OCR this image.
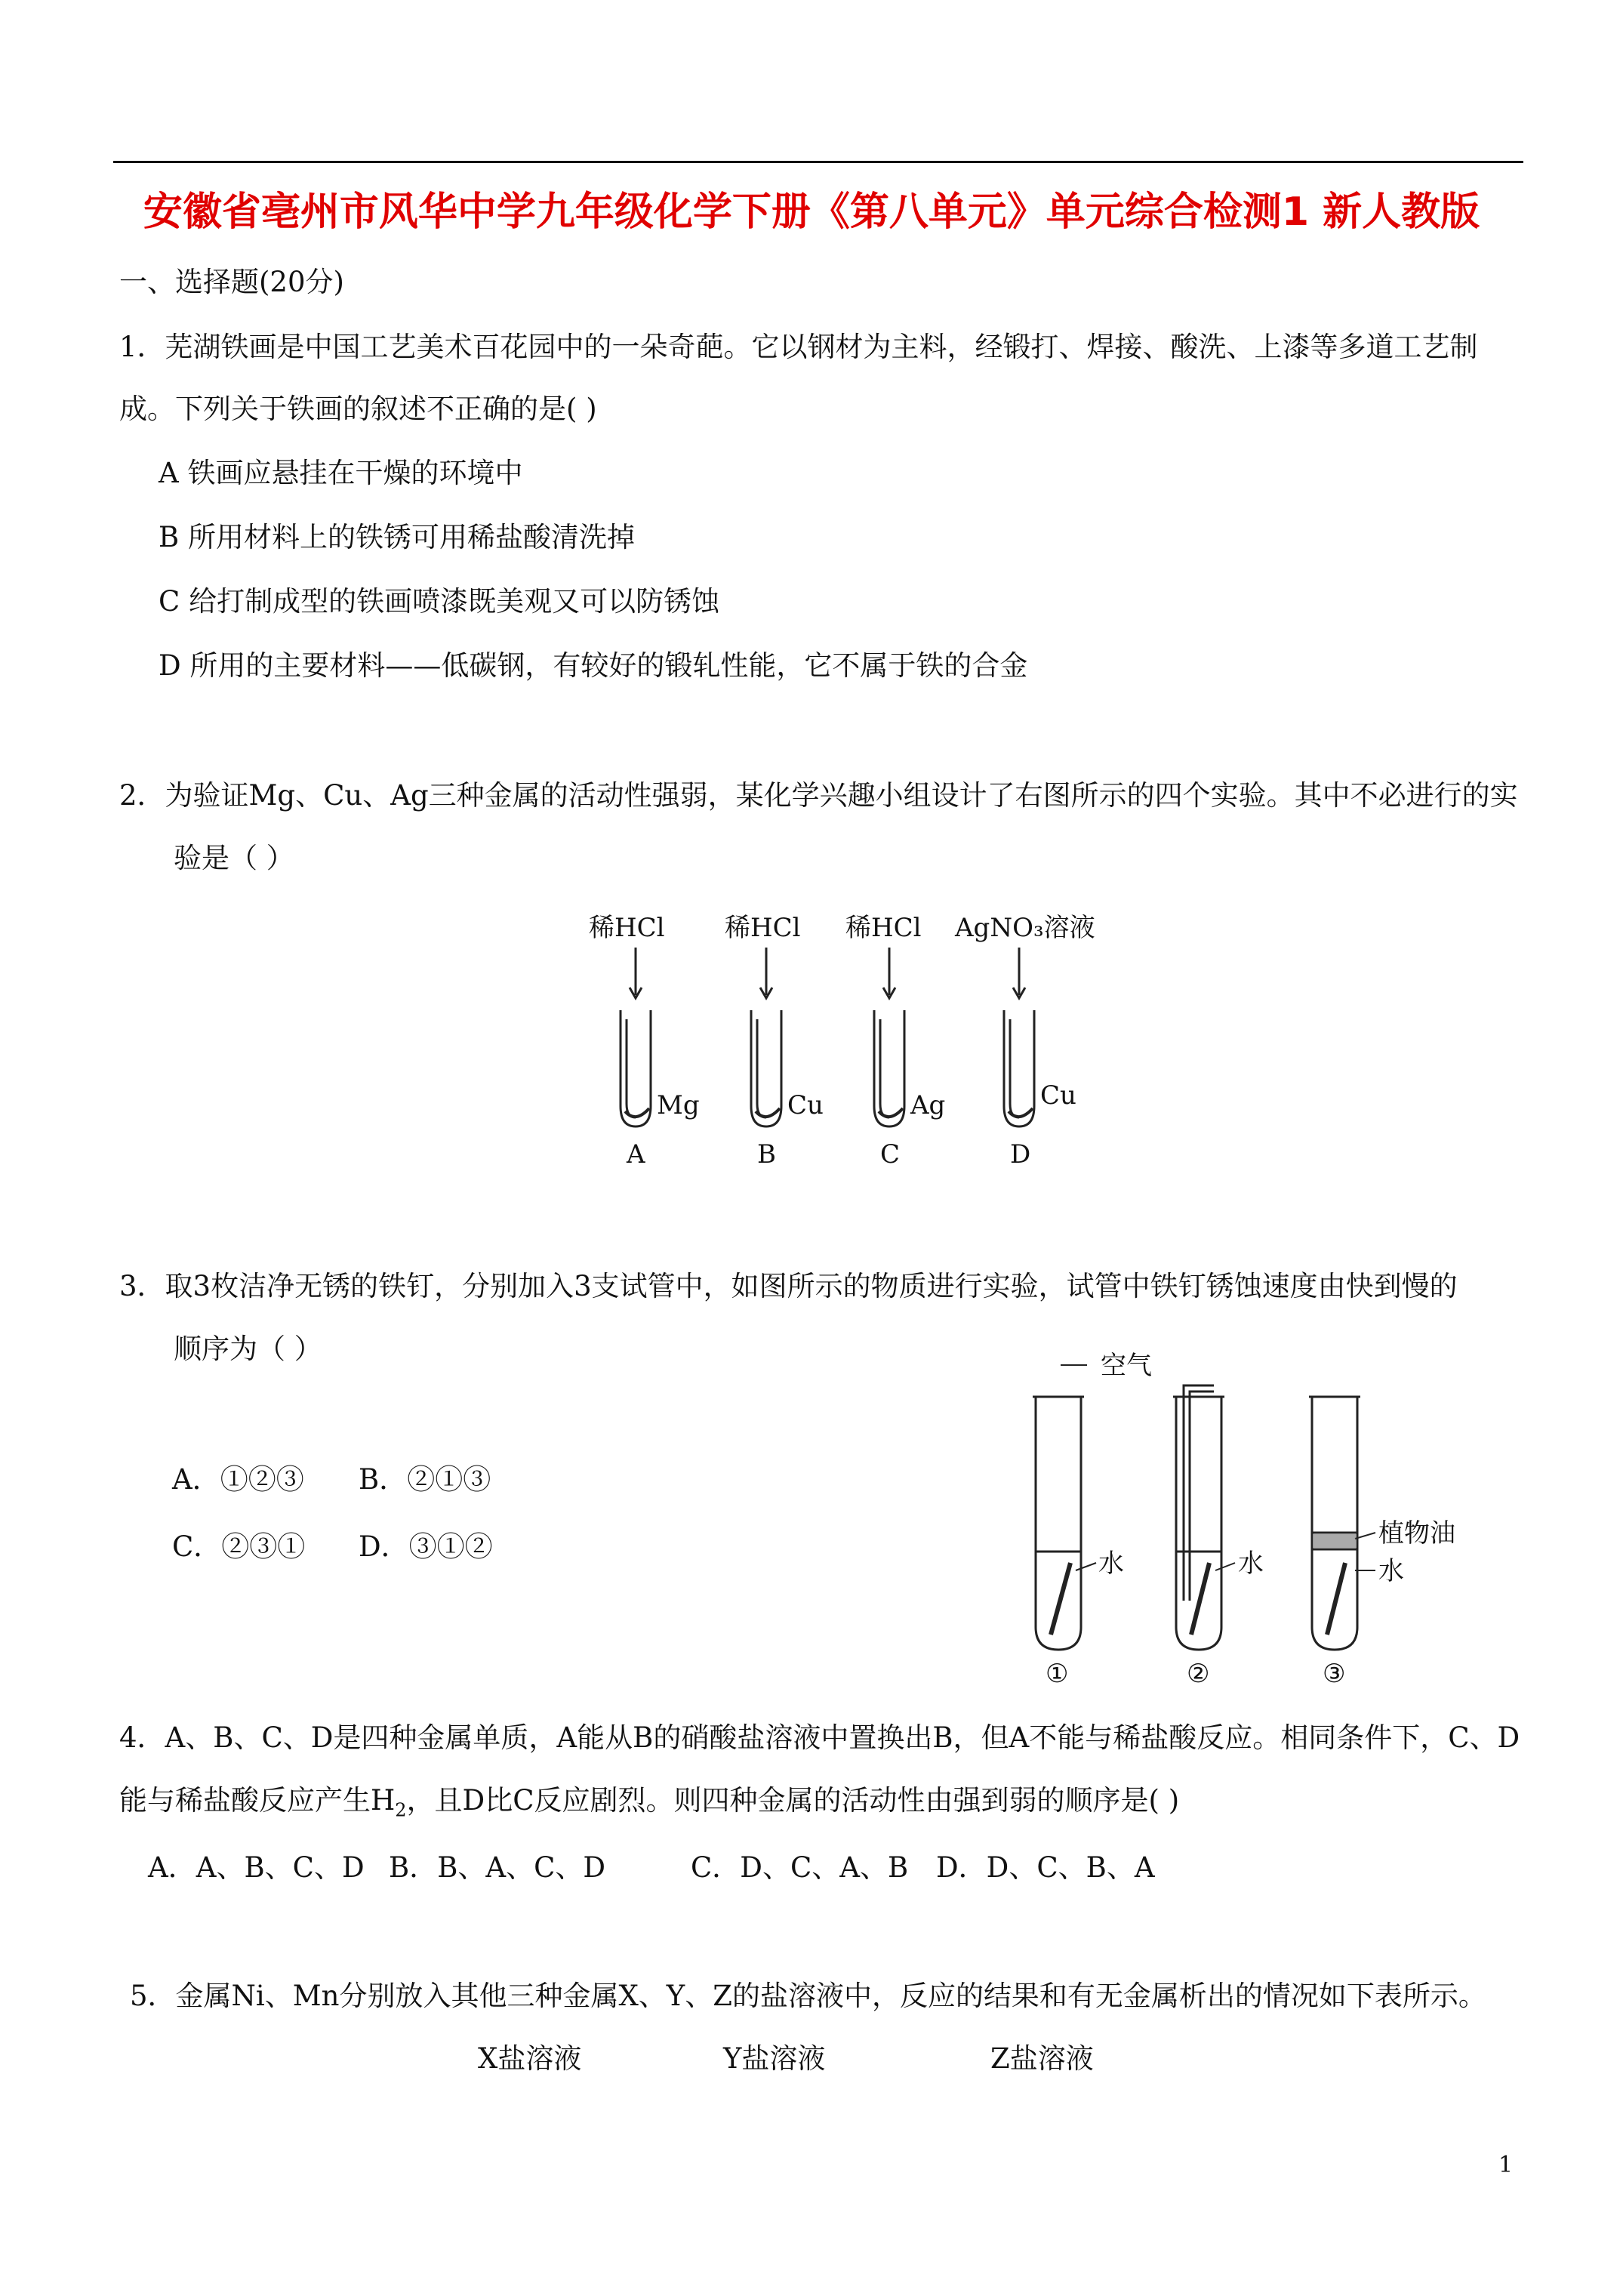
安徽省亳州市风华中学九年级化学下册《第八单元》单元综合检测1 新人教版
一、选择题(20分)
1．芜湖铁画是中国工艺美术百花园中的一朵奇葩。它以钢材为主料，经锻打、焊接、酸洗、上漆等多道工艺制
成。下列关于铁画的叙述不正确的是( )
A 铁画应悬挂在干燥的环境中
B 所用材料上的铁锈可用稀盐酸清洗掉
C 给打制成型的铁画喷漆既美观又可以防锈蚀
D 所用的主要材料——低碳钢，有较好的锻轧性能，它不属于铁的合金
2．为验证Mg、Cu、Ag三种金属的活动性强弱，某化学兴趣小组设计了右图所示的四个实验。其中不必进行的实
验是（ ）
稀HCl 稀HCl 稀HCl AgNO₃溶液
Mg	Cu	Ag	Cu
A	B	C	D
3．取3枚洁净无锈的铁钉，分别加入3支试管中，如图所示的物质进行实验，试管中铁钉锈蚀速度由快到慢的
顺序为（ ）
A．①②③ B．②①③
C．②③① D．③①②
水	水	水
植物油
空气
①	②	③
4．A、B、C、D是四种金属单质，A能从B的硝酸盐溶液中置换出B，但A不能与稀盐酸反应。相同条件下，C、D
能与稀盐酸反应产生$H_2$，且D比C反应剧烈。则四种金属的活动性由强到弱的顺序是( )
A．A、B、C、D B．B、A、C、D	C．D、C、A、B D．D、C、B、A
5．金属Ni、Mn分别放入其他三种金属X、Y、Z的盐溶液中，反应的结果和有无金属析出的情况如下表所示。
X盐溶液	Y盐溶液	Z盐溶液
1
